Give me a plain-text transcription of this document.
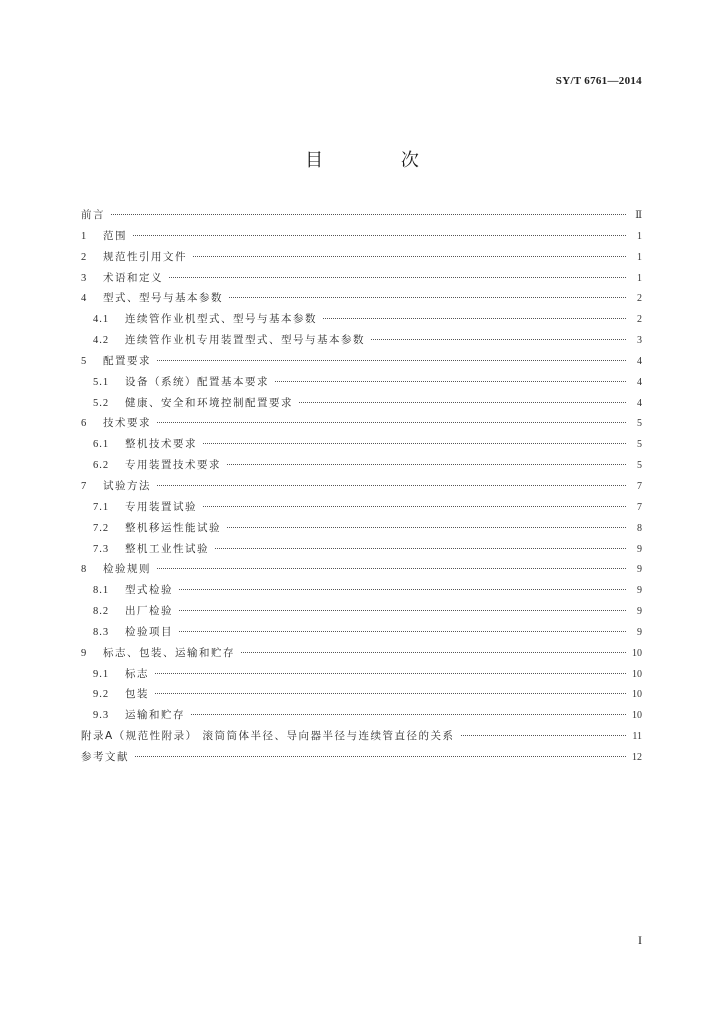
SY/T 6761—2014
目 次
前言	Ⅱ
1	范围	1
2	规范性引用文件	1
3	术语和定义	1
4	型式、型号与基本参数	2
4.1	连续管作业机型式、型号与基本参数	2
4.2	连续管作业机专用装置型式、型号与基本参数	3
5	配置要求	4
5.1	设备（系统）配置基本要求	4
5.2	健康、安全和环境控制配置要求	4
6	技术要求	5
6.1	整机技术要求	5
6.2	专用装置技术要求	5
7	试验方法	7
7.1	专用装置试验	7
7.2	整机移运性能试验	8
7.3	整机工业性试验	9
8	检验规则	9
8.1	型式检验	9
8.2	出厂检验	9
8.3	检验项目	9
9	标志、包装、运输和贮存	10
9.1	标志	10
9.2	包装	10
9.3	运输和贮存	10
附录A（规范性附录） 滚筒筒体半径、导向器半径与连续管直径的关系	11
参考文献	12
I
